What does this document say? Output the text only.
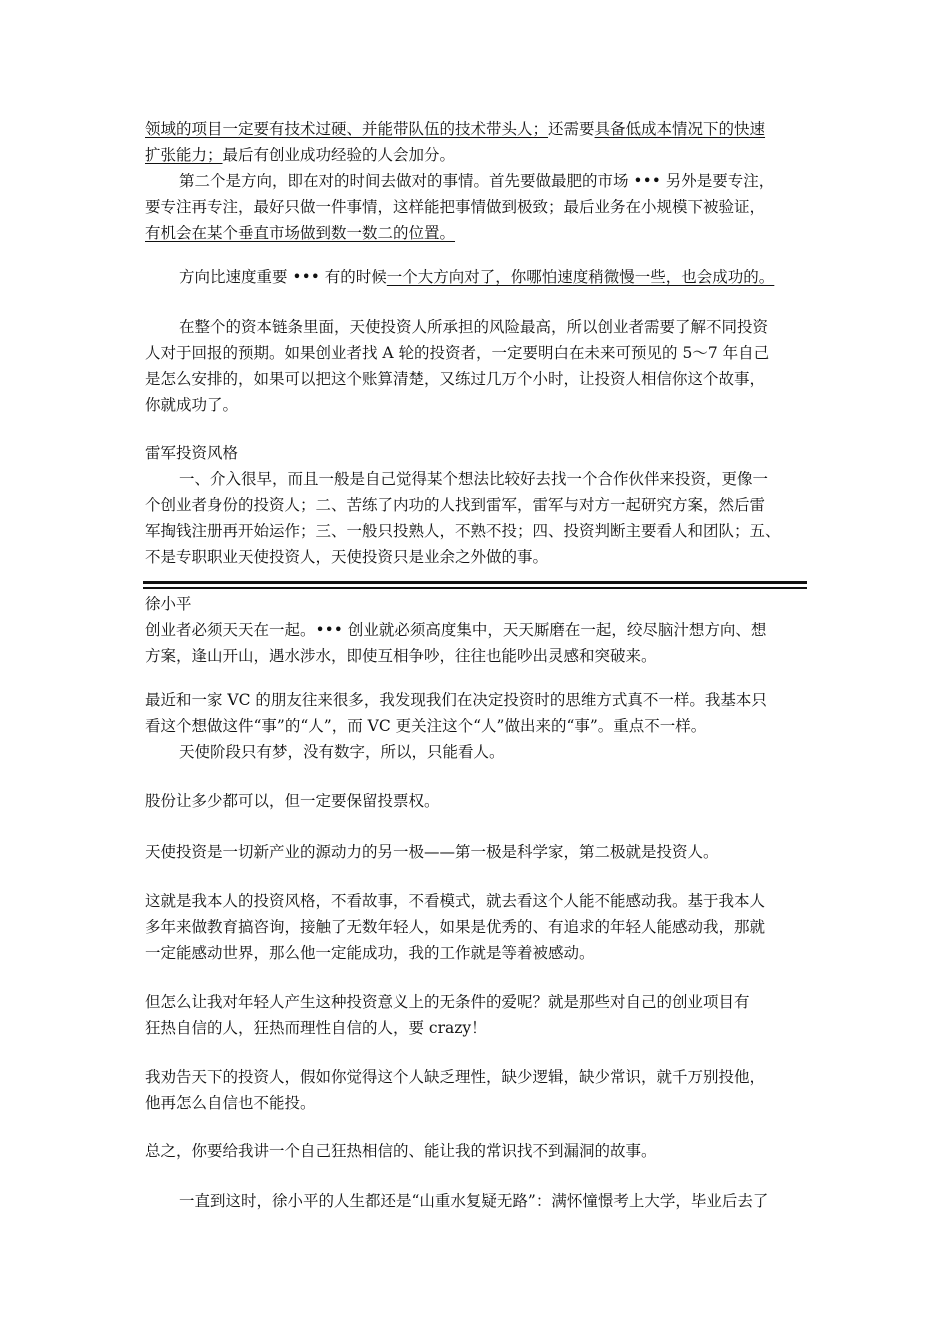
领域的项目一定要有技术过硬、并能带队伍的技术带头人；还需要具备低成本情况下的快速
扩张能力；最后有创业成功经验的人会加分。

第二个是方向，即在对的时间去做对的事情。首先要做最肥的市场 ••• 另外是要专注，
要专注再专注，最好只做一件事情，这样能把事情做到极致；最后业务在小规模下被验证，
有机会在某个垂直市场做到数一数二的位置。

方向比速度重要 ••• 有的时候一个大方向对了，你哪怕速度稍微慢一些，也会成功的。

在整个的资本链条里面，天使投资人所承担的风险最高，所以创业者需要了解不同投资
人对于回报的预期。如果创业者找 A 轮的投资者，一定要明白在未来可预见的 5～7 年自己
是怎么安排的，如果可以把这个账算清楚，又练过几万个小时，让投资人相信你这个故事，
你就成功了。

雷军投资风格
一、介入很早，而且一般是自己觉得某个想法比较好去找一个合作伙伴来投资，更像一
个创业者身份的投资人；二、苦练了内功的人找到雷军，雷军与对方一起研究方案，然后雷
军掏钱注册再开始运作；三、一般只投熟人，不熟不投；四、投资判断主要看人和团队；五、
不是专职职业天使投资人，天使投资只是业余之外做的事。

徐小平
创业者必须天天在一起。••• 创业就必须高度集中，天天厮磨在一起，绞尽脑汁想方向、想
方案，逢山开山，遇水涉水，即使互相争吵，往往也能吵出灵感和突破来。

最近和一家 VC 的朋友往来很多，我发现我们在决定投资时的思维方式真不一样。我基本只
看这个想做这件“事”的“人”，而 VC 更关注这个“人”做出来的“事”。重点不一样。
天使阶段只有梦，没有数字，所以，只能看人。

股份让多少都可以，但一定要保留投票权。

天使投资是一切新产业的源动力的另一极——第一极是科学家，第二极就是投资人。

这就是我本人的投资风格，不看故事，不看模式，就去看这个人能不能感动我。基于我本人
多年来做教育搞咨询，接触了无数年轻人，如果是优秀的、有追求的年轻人能感动我，那就
一定能感动世界，那么他一定能成功，我的工作就是等着被感动。

但怎么让我对年轻人产生这种投资意义上的无条件的爱呢？就是那些对自己的创业项目有
狂热自信的人，狂热而理性自信的人，要 crazy！

我劝告天下的投资人，假如你觉得这个人缺乏理性，缺少逻辑，缺少常识，就千万别投他，
他再怎么自信也不能投。

总之，你要给我讲一个自己狂热相信的、能让我的常识找不到漏洞的故事。

一直到这时，徐小平的人生都还是“山重水复疑无路”：满怀憧憬考上大学，毕业后去了
